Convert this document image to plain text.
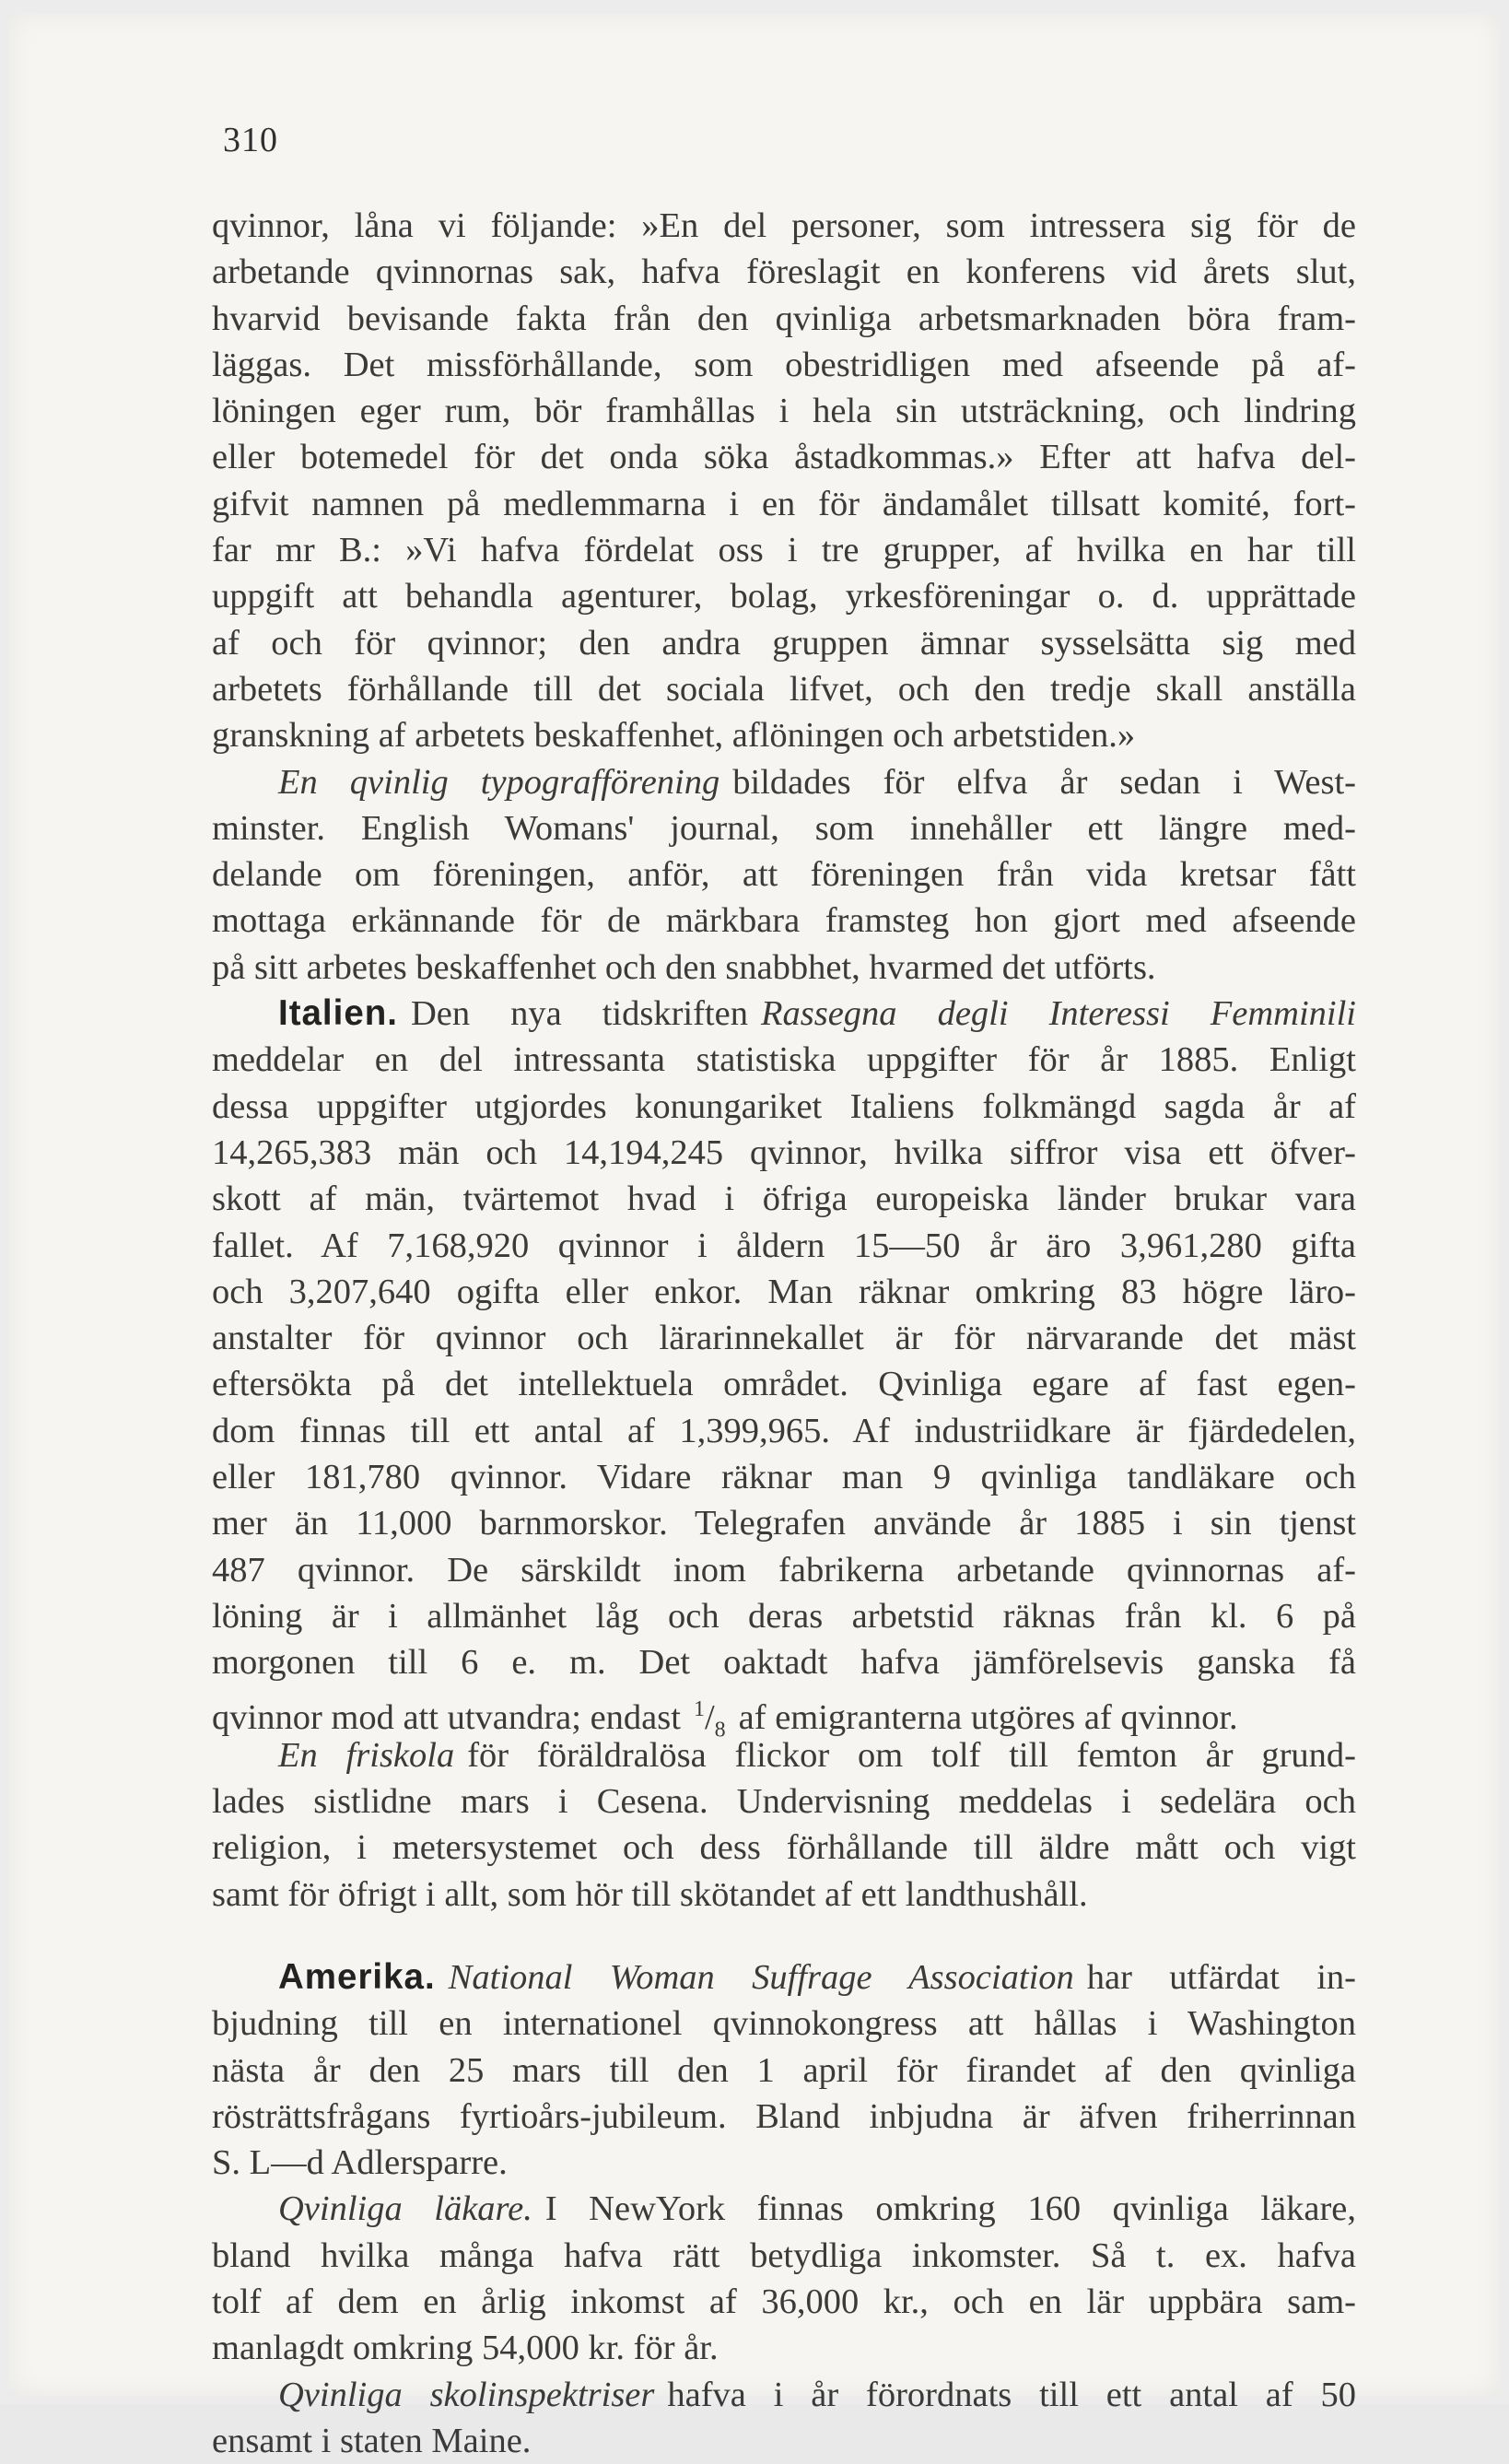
310
qvinnor, låna vi följande: »En del personer, som intressera sig för de
arbetande qvinnornas sak, hafva föreslagit en konferens vid årets slut,
hvarvid bevisande fakta från den qvinliga arbetsmarknaden böra fram-
läggas. Det missförhållande, som obestridligen med afseende på af-
löningen eger rum, bör framhållas i hela sin utsträckning, och lindring
eller botemedel för det onda söka åstadkommas.» Efter att hafva del-
gifvit namnen på medlemmarna i en för ändamålet tillsatt komité, fort-
far mr B.: »Vi hafva fördelat oss i tre grupper, af hvilka en har till
uppgift att behandla agenturer, bolag, yrkesföreningar o. d. upprättade
af och för qvinnor; den andra gruppen ämnar sysselsätta sig med
arbetets förhållande till det sociala lifvet, och den tredje skall anställa
granskning af arbetets beskaffenhet, aflöningen och arbetstiden.»
En qvinlig typografförening bildades för elfva år sedan i West-
minster. English Womans' journal, som innehåller ett längre med-
delande om föreningen, anför, att föreningen från vida kretsar fått
mottaga erkännande för de märkbara framsteg hon gjort med afseende
på sitt arbetes beskaffenhet och den snabbhet, hvarmed det utförts.
Italien. Den nya tidskriften Rassegna degli Interessi Femminili
meddelar en del intressanta statistiska uppgifter för år 1885. Enligt
dessa uppgifter utgjordes konungariket Italiens folkmängd sagda år af
14,265,383 män och 14,194,245 qvinnor, hvilka siffror visa ett öfver-
skott af män, tvärtemot hvad i öfriga europeiska länder brukar vara
fallet. Af 7,168,920 qvinnor i åldern 15—50 år äro 3,961,280 gifta
och 3,207,640 ogifta eller enkor. Man räknar omkring 83 högre läro-
anstalter för qvinnor och lärarinnekallet är för närvarande det mäst
eftersökta på det intellektuela området. Qvinliga egare af fast egen-
dom finnas till ett antal af 1,399,965. Af industriidkare är fjärdedelen,
eller 181,780 qvinnor. Vidare räknar man 9 qvinliga tandläkare och
mer än 11,000 barnmorskor. Telegrafen använde år 1885 i sin tjenst
487 qvinnor. De särskildt inom fabrikerna arbetande qvinnornas af-
löning är i allmänhet låg och deras arbetstid räknas från kl. 6 på
morgonen till 6 e. m. Det oaktadt hafva jämförelsevis ganska få
qvinnor mod att utvandra; endast $^1/_8$ af emigranterna utgöres af qvinnor.
En friskola för föräldralösa flickor om tolf till femton år grund-
lades sistlidne mars i Cesena. Undervisning meddelas i sedelära och
religion, i metersystemet och dess förhållande till äldre mått och vigt
samt för öfrigt i allt, som hör till skötandet af ett landthushåll.
Amerika. National Woman Suffrage Association har utfärdat in-
bjudning till en internationel qvinnokongress att hållas i Washington
nästa år den 25 mars till den 1 april för firandet af den qvinliga
rösträttsfrågans fyrtioårs-jubileum. Bland inbjudna är äfven friherrinnan
S. L—d Adlersparre.
Qvinliga läkare. I NewYork finnas omkring 160 qvinliga läkare,
bland hvilka många hafva rätt betydliga inkomster. Så t. ex. hafva
tolf af dem en årlig inkomst af 36,000 kr., och en lär uppbära sam-
manlagdt omkring 54,000 kr. för år.
Qvinliga skolinspektriser hafva i år förordnats till ett antal af 50
ensamt i staten Maine.
